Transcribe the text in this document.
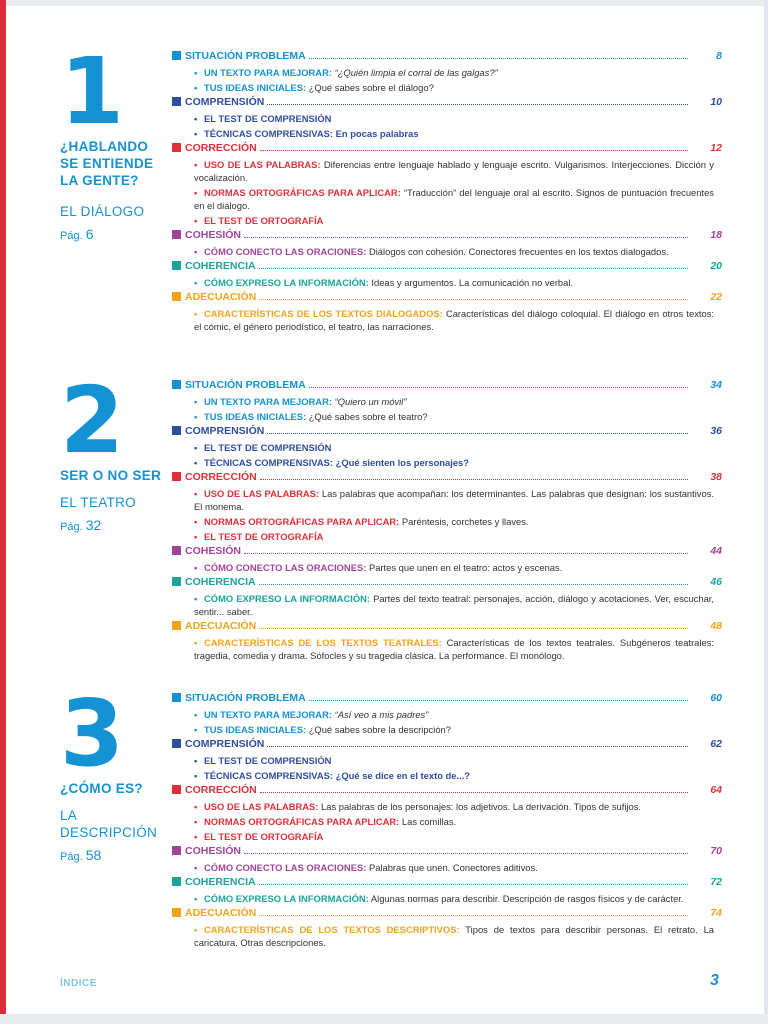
1
¿HABLANDO
SE ENTIENDE
LA GENTE?
EL DIÁLOGO
Pág. 6
SITUACIÓN PROBLEMA	8
• UN TEXTO PARA MEJORAR: “¿Quién limpia el corral de las galgas?”
• TUS IDEAS INICIALES: ¿Qué sabes sobre el diálogo?
COMPRENSIÓN	10
• EL TEST DE COMPRENSIÓN
• TÉCNICAS COMPRENSIVAS: En pocas palabras
CORRECCIÓN	12
• USO DE LAS PALABRAS: Diferencias entre lenguaje hablado y lenguaje escrito. Vulgarismos. Interjecciones. Dicción y vocalización.
• NORMAS ORTOGRÁFICAS PARA APLICAR: “Traducción” del lenguaje oral al escrito. Signos de puntuación frecuentes en el diálogo.
• EL TEST DE ORTOGRAFÍA
COHESIÓN	18
• CÓMO CONECTO LAS ORACIONES: Diálogos con cohesión. Conectores frecuentes en los textos dialogados.
COHERENCIA	20
• CÓMO EXPRESO LA INFORMACIÓN: Ideas y argumentos. La comunicación no verbal.
ADECUACIÓN	22
• CARACTERÍSTICAS DE LOS TEXTOS DIALOGADOS: Características del diálogo coloquial. El diálogo en otros textos: el cómic, el género periodístico, el teatro, las narraciones.
2
SER O NO SER
EL TEATRO
Pág. 32
SITUACIÓN PROBLEMA	34
• UN TEXTO PARA MEJORAR: “Quiero un móvil”
• TUS IDEAS INICIALES: ¿Qué sabes sobre el teatro?
COMPRENSIÓN	36
• EL TEST DE COMPRENSIÓN
• TÉCNICAS COMPRENSIVAS: ¿Qué sienten los personajes?
CORRECCIÓN	38
• USO DE LAS PALABRAS: Las palabras que acompañan: los determinantes. Las palabras que designan: los sustantivos. El monema.
• NORMAS ORTOGRÁFICAS PARA APLICAR: Paréntesis, corchetes y llaves.
• EL TEST DE ORTOGRAFÍA
COHESIÓN	44
• CÓMO CONECTO LAS ORACIONES: Partes que unen en el teatro: actos y escenas.
COHERENCIA	46
• CÓMO EXPRESO LA INFORMACIÓN: Partes del texto teatral: personajes, acción, diálogo y acotaciones. Ver, escuchar, sentir... saber.
ADECUACIÓN	48
• CARACTERÍSTICAS DE LOS TEXTOS TEATRALES: Características de los textos teatrales. Subgéneros teatrales: tragedia, comedia y drama. Sófocles y su tragedia clásica. La performance. El monólogo.
3
¿CÓMO ES?
LA
DESCRIPCIÓN
Pág. 58
SITUACIÓN PROBLEMA	60
• UN TEXTO PARA MEJORAR: “Así veo a mis padres”
• TUS IDEAS INICIALES: ¿Qué sabes sobre la descripción?
COMPRENSIÓN	62
• EL TEST DE COMPRENSIÓN
• TÉCNICAS COMPRENSIVAS: ¿Qué se dice en el texto de...?
CORRECCIÓN	64
• USO DE LAS PALABRAS: Las palabras de los personajes: los adjetivos. La derivación. Tipos de sufijos.
• NORMAS ORTOGRÁFICAS PARA APLICAR: Las comillas.
• EL TEST DE ORTOGRAFÍA
COHESIÓN	70
• CÓMO CONECTO LAS ORACIONES: Palabras que unen. Conectores aditivos.
COHERENCIA	72
• CÓMO EXPRESO LA INFORMACIÓN: Algunas normas para describir. Descripción de rasgos físicos y de carácter.
ADECUACIÓN	74
• CARACTERÍSTICAS DE LOS TEXTOS DESCRIPTIVOS: Tipos de textos para describir personas. El retrato. La caricatura. Otras descripciones.
ÍNDICE	3
